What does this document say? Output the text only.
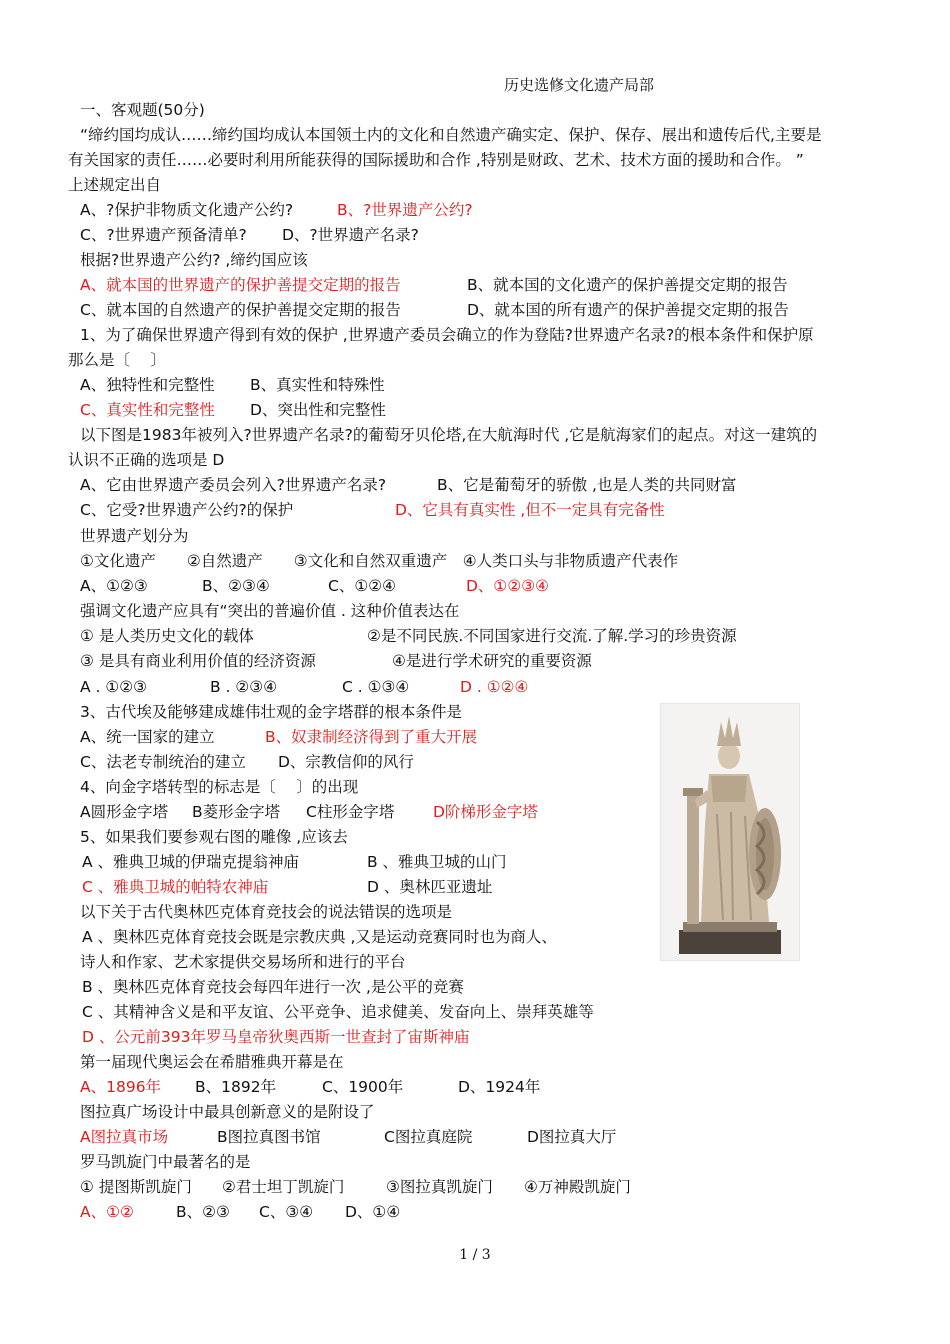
历史选修文化遗产局部
一、客观题(50分)
“缔约国均成认……缔约国均成认本国领土内的文化和自然遗产确实定、保护、保存、展出和遗传后代,主要是
有关国家的责任……必要时利用所能获得的国际援助和合作 ,特别是财政、艺术、技术方面的援助和合作。 ”
上述规定出自
A、?保护非物质文化遗产公约?	B、?世界遗产公约?
C、?世界遗产预备清单? D、?世界遗产名录?
根据?世界遗产公约? ,缔约国应该
A、就本国的世界遗产的保护善提交定期的报告	B、就本国的文化遗产的保护善提交定期的报告
C、就本国的自然遗产的保护善提交定期的报告	D、就本国的所有遗产的保护善提交定期的报告
1、为了确保世界遗产得到有效的保护 ,世界遗产委员会确立的作为登陆?世界遗产名录?的根本条件和保护原
那么是〔　 〕
A、独特性和完整性 B、真实性和特殊性
C、真实性和完整性 D、突出性和完整性
以下图是1983年被列入?世界遗产名录?的葡萄牙贝伦塔,在大航海时代 ,它是航海家们的起点。对这一建筑的
认识不正确的选项是 D
A、它由世界遗产委员会列入?世界遗产名录?	B、它是葡萄牙的骄傲 ,也是人类的共同财富
C、它受?世界遗产公约?的保护	D、它具有真实性 ,但不一定具有完备性
世界遗产划分为
①文化遗产　　②自然遗产　　③文化和自然双重遗产　④人类口头与非物质遗产代表作
A、①②③	B、②③④	C、①②④	D、①②③④
强调文化遗产应具有“突出的普遍价值 . 这种价值表达在
① 是人类历史文化的载体	②是不同民族.不同国家进行交流.了解.学习的珍贵资源
③ 是具有商业利用价值的经济资源	④是进行学术研究的重要资源
A . ①②③	B . ②③④	C . ①③④	D . ①②④
3、古代埃及能够建成雄伟壮观的金字塔群的根本条件是
A、统一国家的建立	B、奴隶制经济得到了重大开展
C、法老专制统治的建立 D、宗教信仰的风行
4、向金字塔转型的标志是〔　 〕的出现
A圆形金字塔 B菱形金字塔 C柱形金字塔 D阶梯形金字塔
5、如果我们要参观右图的雕像 ,应该去
A 、雅典卫城的伊瑞克提翁神庙	B 、雅典卫城的山门
C 、雅典卫城的帕特农神庙	D 、奥林匹亚遗址
以下关于古代奥林匹克体育竞技会的说法错误的选项是
A 、奥林匹克体育竞技会既是宗教庆典 ,又是运动竞赛同时也为商人、
诗人和作家、艺术家提供交易场所和进行的平台
B 、奥林匹克体育竞技会每四年进行一次 ,是公平的竞赛
C 、其精神含义是和平友谊、公平竞争、追求健美、发奋向上、崇拜英雄等
D 、公元前393年罗马皇帝狄奥西斯一世查封了宙斯神庙
第一届现代奥运会在希腊雅典开幕是在
A、1896年 B、1892年	C、1900年	D、1924年
图拉真广场设计中最具创新意义的是附设了
A图拉真市场	B图拉真图书馆	C图拉真庭院	D图拉真大厅
罗马凯旋门中最著名的是
① 提图斯凯旋门 ②君士坦丁凯旋门	③图拉真凯旋门 ④万神殿凯旋门
A、①②	B、②③ C、③④ D、①④
1 / 3
